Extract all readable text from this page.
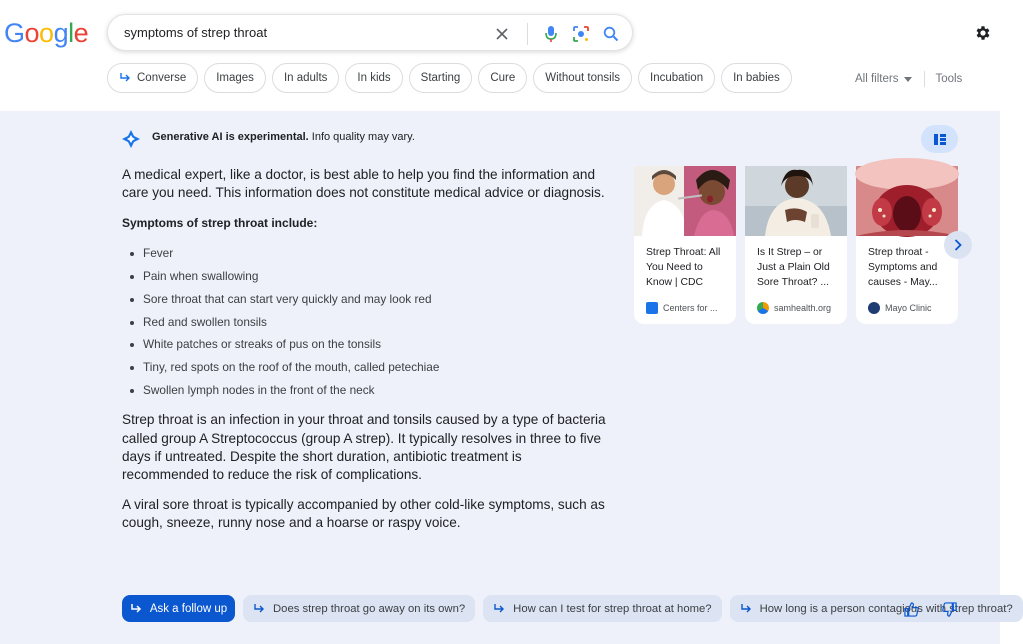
Google
symptoms of strep throat
Converse	Images	In adults	In kids	Starting	Cure	Without tonsils	Incubation	In babies	All filters	Tools
Generative AI is experimental. Info quality may vary.

A medical expert, like a doctor, is best able to help you find the information and care you need. This information does not constitute medical advice or diagnosis.

Symptoms of strep throat include:

Fever
Pain when swallowing
Sore throat that can start very quickly and may look red
Red and swollen tonsils
White patches or streaks of pus on the tonsils
Tiny, red spots on the roof of the mouth, called petechiae
Swollen lymph nodes in the front of the neck

Strep throat is an infection in your throat and tonsils caused by a type of bacteria called group A Streptococcus (group A strep). It typically resolves in three to five days if untreated. Despite the short duration, antibiotic treatment is recommended to reduce the risk of complications.

A viral sore throat is typically accompanied by other cold-like symptoms, such as cough, sneeze, runny nose and a hoarse or raspy voice.

Strep Throat: All You Need to Know | CDC
Centers for ...
Is It Strep – or Just a Plain Old Sore Throat? ...
samhealth.org
Strep throat - Symptoms and causes - May...
Mayo Clinic
Ask a follow up	Does strep throat go away on its own?	How can I test for strep throat at home?	How long is a person contagious with strep throat?
